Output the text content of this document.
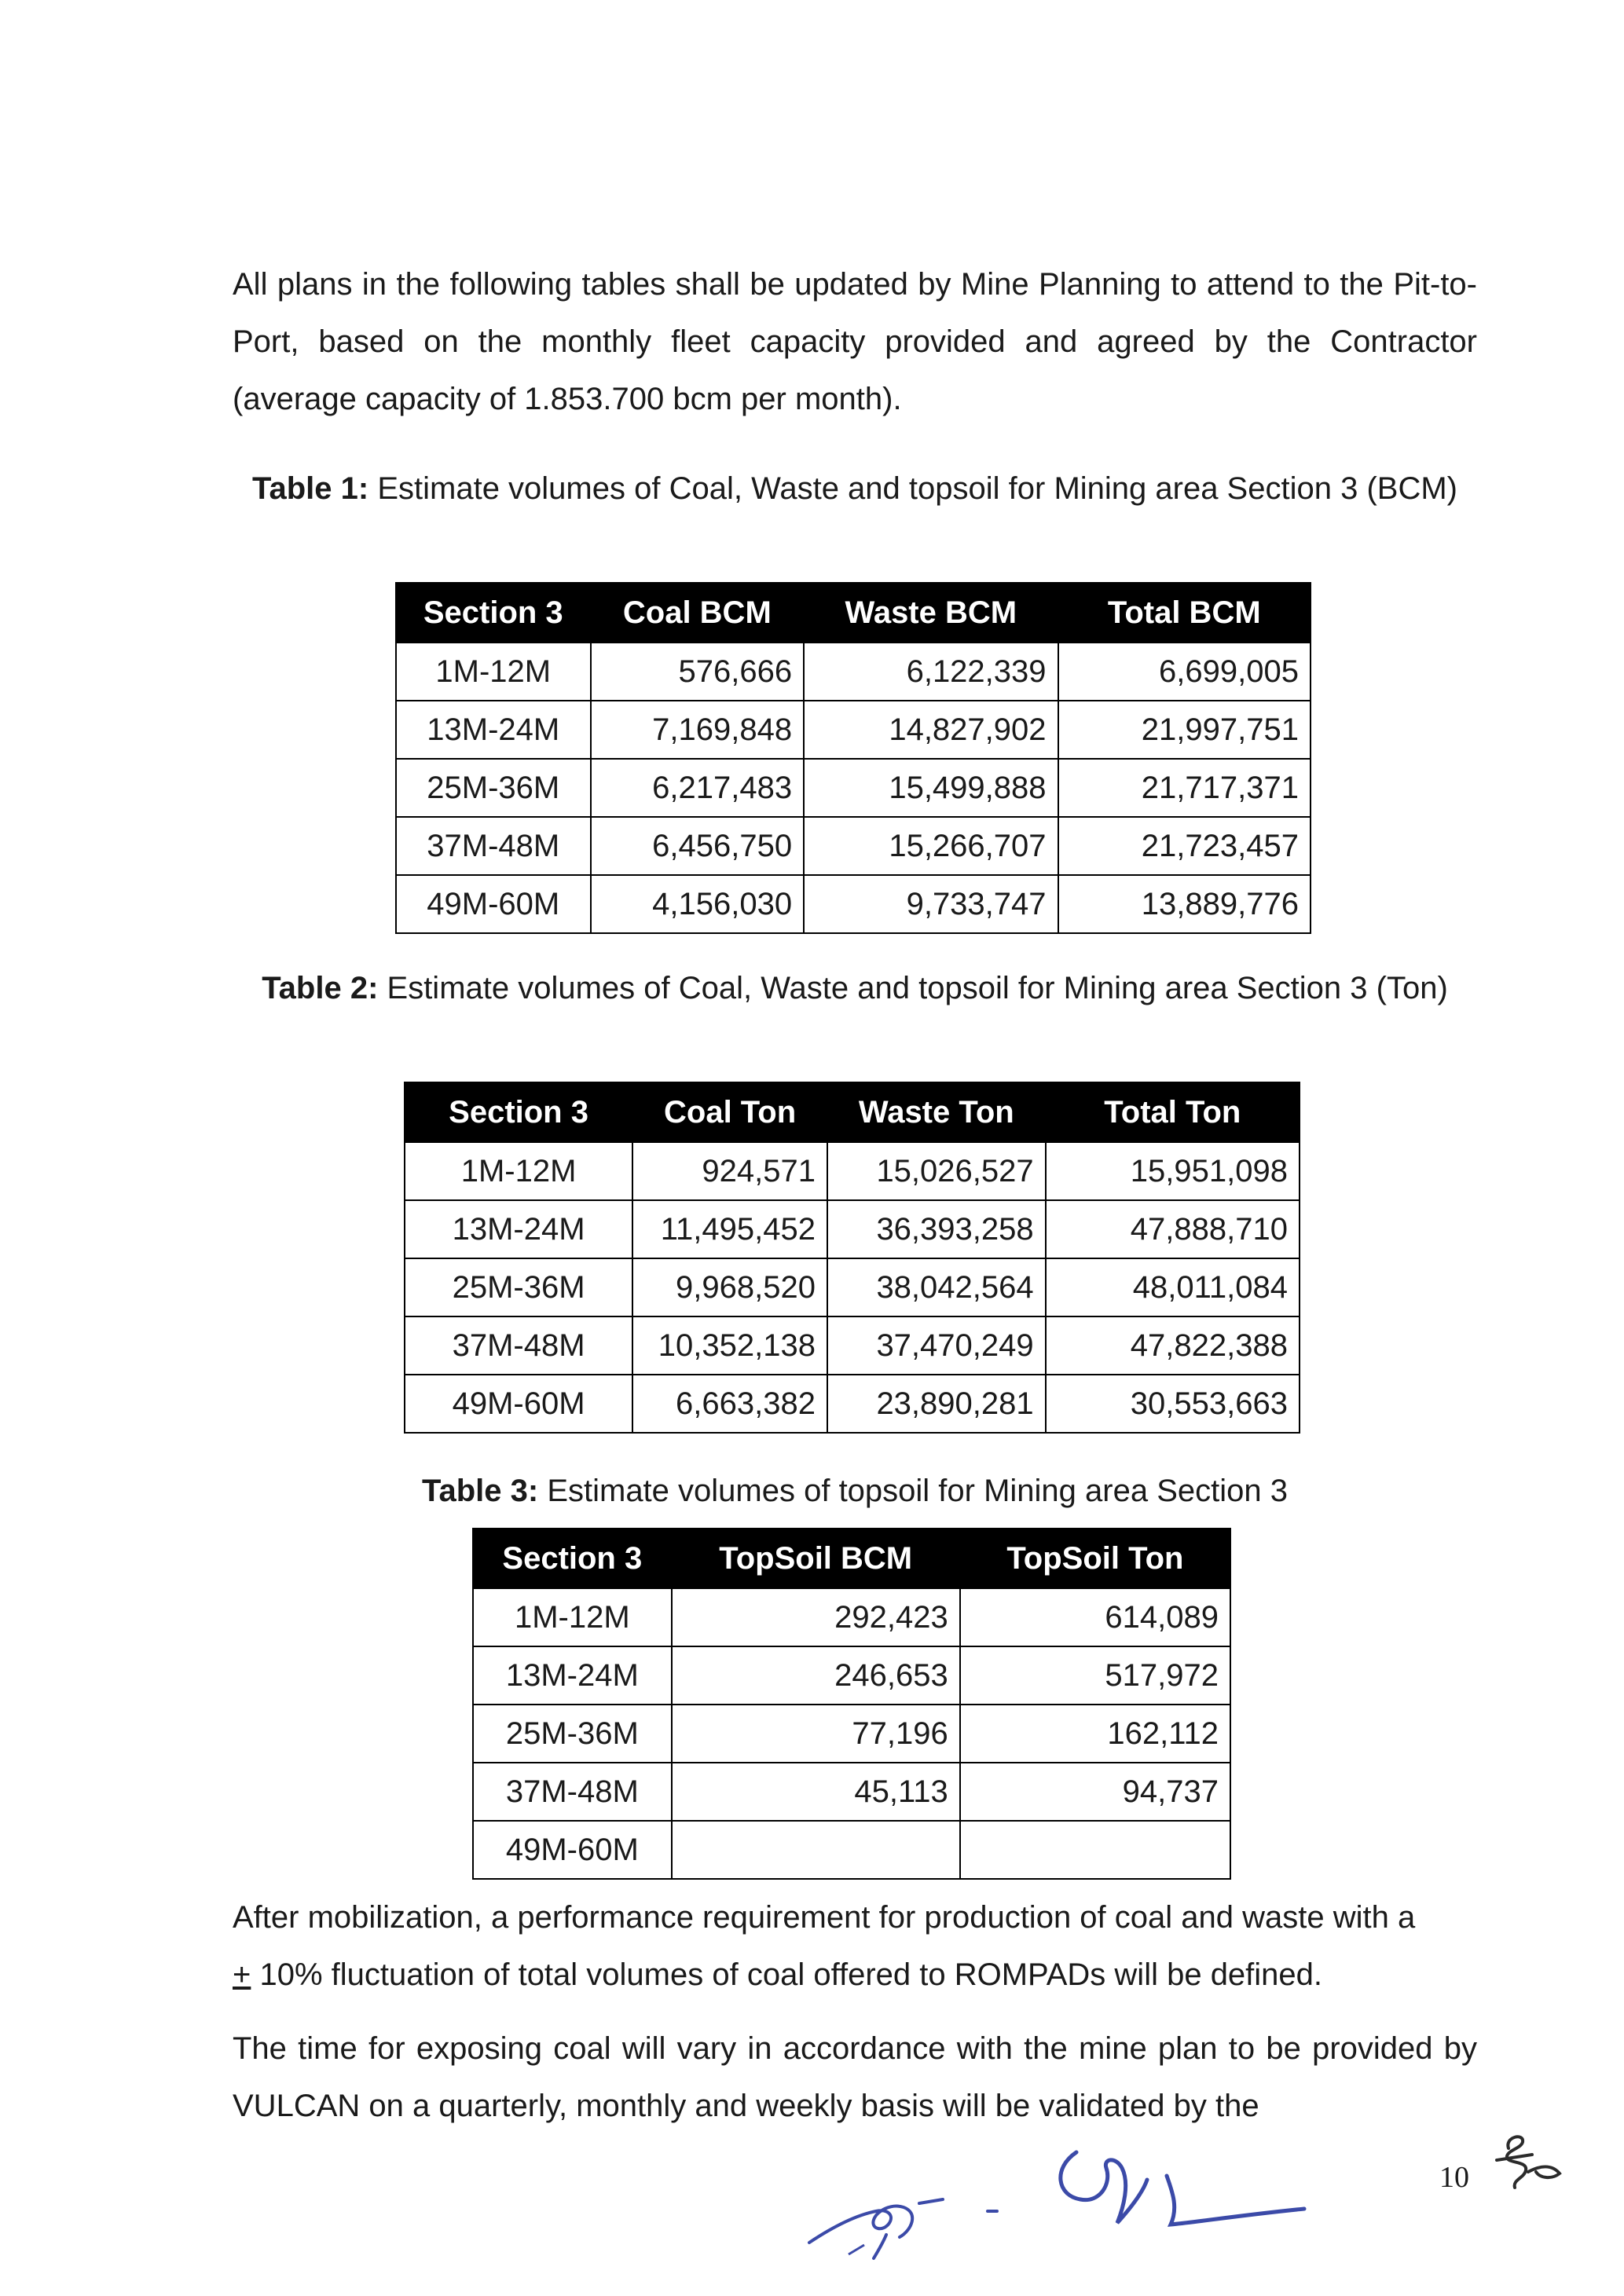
All plans in the following tables shall be updated by Mine Planning to attend to the Pit-to-Port, based on the monthly fleet capacity provided and agreed by the Contractor (average capacity of 1.853.700 bcm per month).

Table 1: Estimate volumes of Coal, Waste and topsoil for Mining area Section 3 (BCM)

Section 3	Coal BCM	Waste BCM	Total BCM
1M-12M	576,666	6,122,339	6,699,005
13M-24M	7,169,848	14,827,902	21,997,751
25M-36M	6,217,483	15,499,888	21,717,371
37M-48M	6,456,750	15,266,707	21,723,457
49M-60M	4,156,030	9,733,747	13,889,776

Table 2: Estimate volumes of Coal, Waste and topsoil for Mining area Section 3 (Ton)

Section 3	Coal Ton	Waste Ton	Total Ton
1M-12M	924,571	15,026,527	15,951,098
13M-24M	11,495,452	36,393,258	47,888,710
25M-36M	9,968,520	38,042,564	48,011,084
37M-48M	10,352,138	37,470,249	47,822,388
49M-60M	6,663,382	23,890,281	30,553,663

Table 3: Estimate volumes of topsoil for Mining area Section 3

Section 3	TopSoil BCM	TopSoil Ton
1M-12M	292,423	614,089
13M-24M	246,653	517,972
25M-36M	77,196	162,112
37M-48M	45,113	94,737
49M-60M		

After mobilization, a performance requirement for production of coal and waste with a
+ 10% fluctuation of total volumes of coal offered to ROMPADs will be defined.

The time for exposing coal will vary in accordance with the mine plan to be provided by VULCAN on a quarterly, monthly and weekly basis will be validated by the

10
